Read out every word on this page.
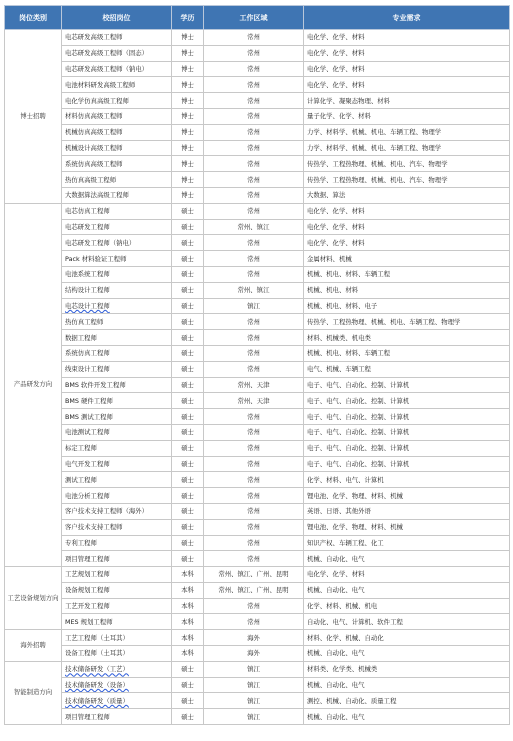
岗位类别	校招岗位	学历	工作区域	专业需求
博士招聘	电芯研发高级工程师	博士	常州	电化学、化学、材料
	电芯研发高级工程师（固态）	博士	常州	电化学、化学、材料
	电芯研发高级工程师（钠电）	博士	常州	电化学、化学、材料
	电池材料研发高级工程师	博士	常州	电化学、化学、材料
	电化学仿真高级工程师	博士	常州	计算化学、凝聚态物理、材料
	材料仿真高级工程师	博士	常州	量子化学、化学、材料
	机械仿真高级工程师	博士	常州	力学、材料学、机械、机电、车辆工程、物理学
	机械设计高级工程师	博士	常州	力学、材料学、机械、机电、车辆工程、物理学
	系统仿真高级工程师	博士	常州	传热学、工程热物理、机械、机电、汽车、物理学
	热仿真高级工程师	博士	常州	传热学、工程热物理、机械、机电、汽车、物理学
	大数据算法高级工程师	博士	常州	大数据、算法
产品研发方向	电芯仿真工程师	硕士	常州	电化学、化学、材料
	电芯研发工程师	硕士	常州、镇江	电化学、化学、材料
	电芯研发工程师（钠电）	硕士	常州	电化学、化学、材料
	Pack 材料验证工程师	硕士	常州	金属材料、机械
	电池系统工程师	硕士	常州	机械、机电、材料、车辆工程
	结构设计工程师	硕士	常州、镇江	机械、机电、材料
	电芯设计工程师	硕士	镇江	机械、机电、材料、电子
	热仿真工程师	硕士	常州	传热学、工程热物理、机械、机电、车辆工程、物理学
	数据工程师	硕士	常州	材料、机械类、机电类
	系统仿真工程师	硕士	常州	机械、机电、材料、车辆工程
	线束设计工程师	硕士	常州	电气、机械、车辆工程
	BMS 软件开发工程师	硕士	常州、天津	电子、电气、自动化、控制、计算机
	BMS 硬件工程师	硕士	常州、天津	电子、电气、自动化、控制、计算机
	BMS 测试工程师	硕士	常州	电子、电气、自动化、控制、计算机
	电池测试工程师	硕士	常州	电子、电气、自动化、控制、计算机
	标定工程师	硕士	常州	电子、电气、自动化、控制、计算机
	电气开发工程师	硕士	常州	电子、电气、自动化、控制、计算机
	测试工程师	硕士	常州	化学、材料、电气、计算机
	电池分析工程师	硕士	常州	锂电池、化学、物理、材料、机械
	客户技术支持工程师（海外）	硕士	常州	英语、日语、其他外语
	客户技术支持工程师	硕士	常州	锂电池、化学、物理、材料、机械
	专利工程师	硕士	常州	知识产权、车辆工程、化工
	项目管理工程师	硕士	常州	机械、自动化、电气
工艺设备规划方向	工艺规划工程师	本科	常州、镇江、广州、昆明	电化学、化学、材料
	设备规划工程师	本科	常州、镇江、广州、昆明	机械、自动化、电气
	工艺开发工程师	本科	常州	化学、材料、机械、机电
	MES 规划工程师	本科	常州	自动化、电气、计算机、软件工程
海外招聘	工艺工程师（土耳其）	本科	海外	材料、化学、机械、自动化
	设备工程师（土耳其）	本科	海外	机械、自动化、电气
智能制造方向	技术储备研发（工艺）	硕士	镇江	材料类、化学类、机械类
	技术储备研发（设备）	硕士	镇江	机械、自动化、电气
	技术储备研发（质量）	硕士	镇江	测控、机械、自动化、质量工程
	项目管理工程师	硕士	镇江	机械、自动化、电气
